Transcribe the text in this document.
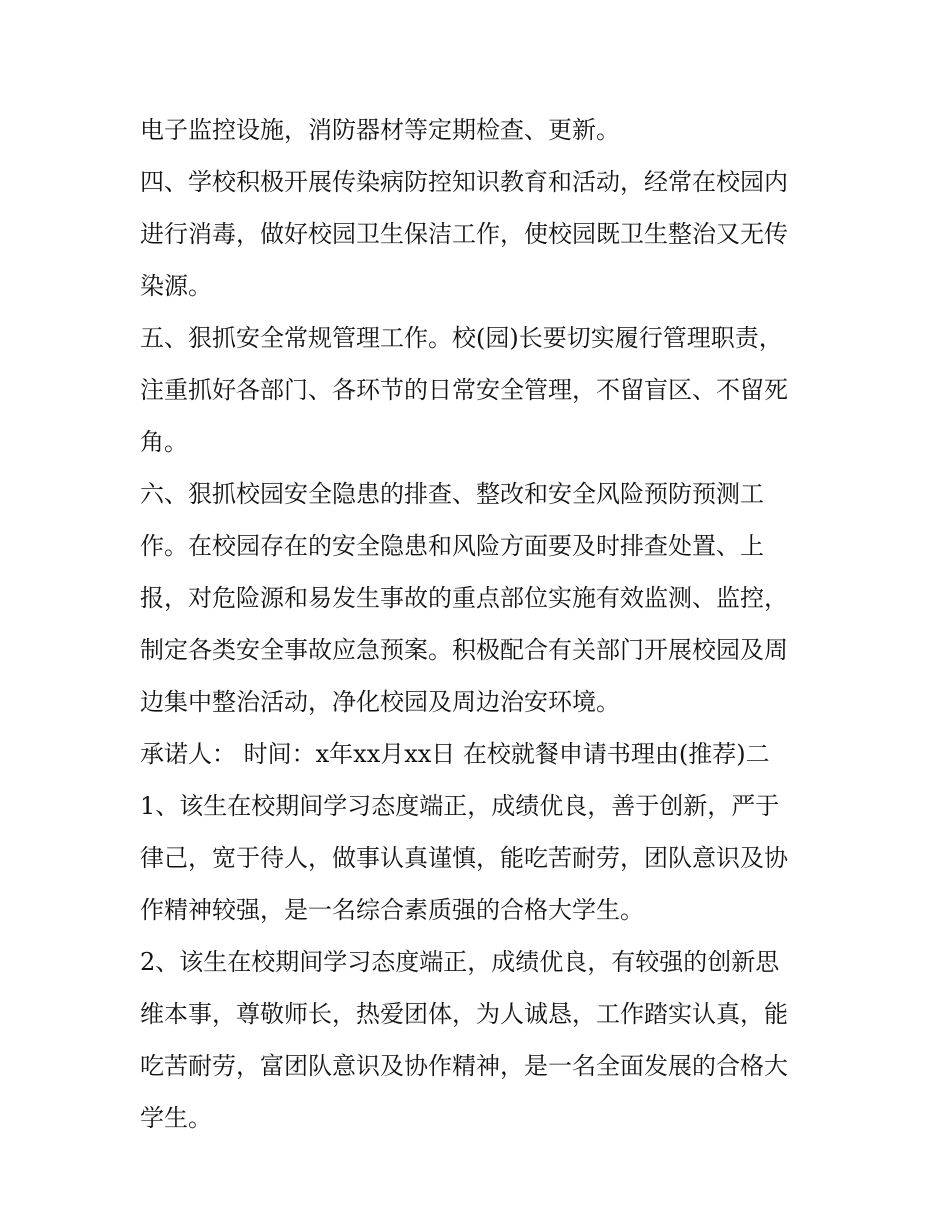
电子监控设施，消防器材等定期检查、更新。
四、学校积极开展传染病防控知识教育和活动，经常在校园内
进行消毒，做好校园卫生保洁工作，使校园既卫生整治又无传
染源。
五、狠抓安全常规管理工作。校(园)长要切实履行管理职责，
注重抓好各部门、各环节的日常安全管理，不留盲区、不留死
角。
六、狠抓校园安全隐患的排查、整改和安全风险预防预测工
作。在校园存在的安全隐患和风险方面要及时排查处置、上
报，对危险源和易发生事故的重点部位实施有效监测、监控，
制定各类安全事故应急预案。积极配合有关部门开展校园及周
边集中整治活动，净化校园及周边治安环境。
承诺人： 时间：x年xx月xx日 在校就餐申请书理由(推荐)二
1、该生在校期间学习态度端正，成绩优良，善于创新，严于
律己，宽于待人，做事认真谨慎，能吃苦耐劳，团队意识及协
作精神较强，是一名综合素质强的合格大学生。
2、该生在校期间学习态度端正，成绩优良，有较强的创新思
维本事，尊敬师长，热爱团体，为人诚恳，工作踏实认真，能
吃苦耐劳，富团队意识及协作精神，是一名全面发展的合格大
学生。
